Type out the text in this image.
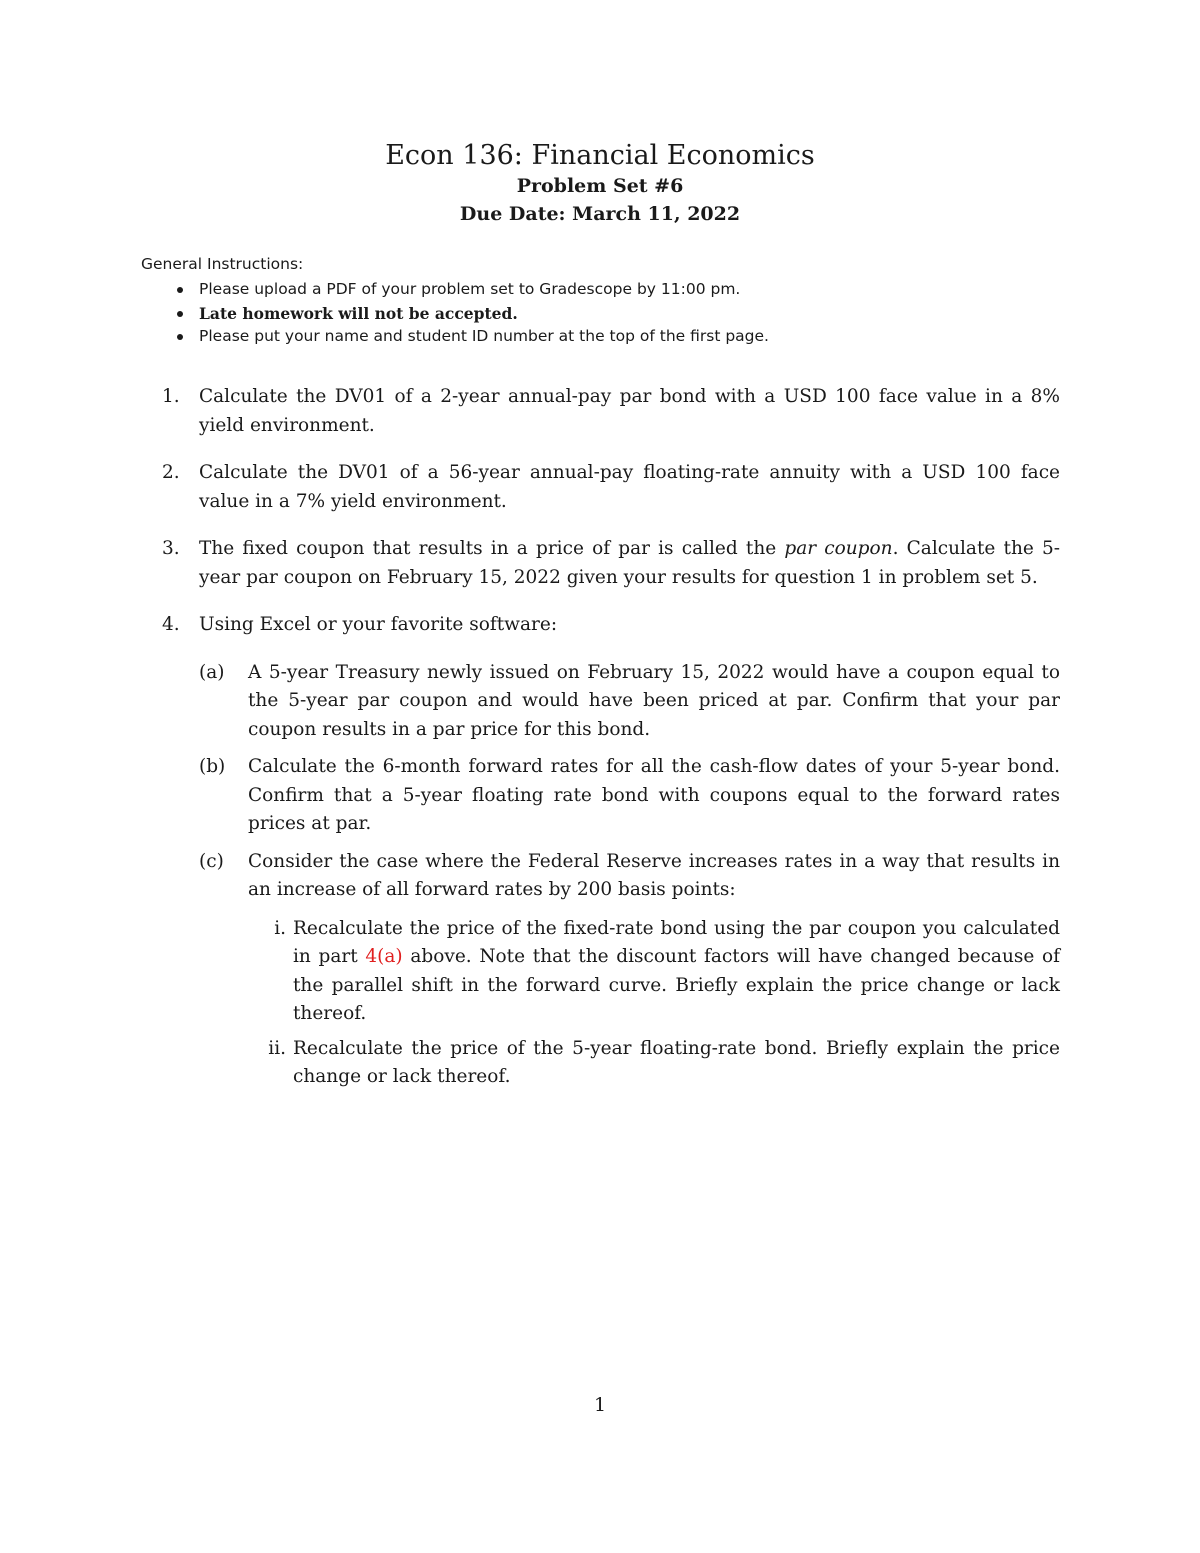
Econ 136: Financial Economics
Problem Set #6
Due Date: March 11, 2022
General Instructions:
Please upload a PDF of your problem set to Gradescope by 11:00 pm.
Late homework will not be accepted.
Please put your name and student ID number at the top of the first page.
1. Calculate the DV01 of a 2-year annual-pay par bond with a USD 100 face value in a 8% yield environment.
2. Calculate the DV01 of a 56-year annual-pay floating-rate annuity with a USD 100 face value in a 7% yield environment.
3. The fixed coupon that results in a price of par is called the par coupon. Calculate the 5-year par coupon on February 15, 2022 given your results for question 1 in problem set 5.
4. Using Excel or your favorite software:
(a) A 5-year Treasury newly issued on February 15, 2022 would have a coupon equal to the 5-year par coupon and would have been priced at par. Confirm that your par coupon results in a par price for this bond.
(b) Calculate the 6-month forward rates for all the cash-flow dates of your 5-year bond. Confirm that a 5-year floating rate bond with coupons equal to the forward rates prices at par.
(c) Consider the case where the Federal Reserve increases rates in a way that results in an increase of all forward rates by 200 basis points:
i. Recalculate the price of the fixed-rate bond using the par coupon you calculated in part 4(a) above. Note that the discount factors will have changed because of the parallel shift in the forward curve. Briefly explain the price change or lack thereof.
ii. Recalculate the price of the 5-year floating-rate bond. Briefly explain the price change or lack thereof.
1
